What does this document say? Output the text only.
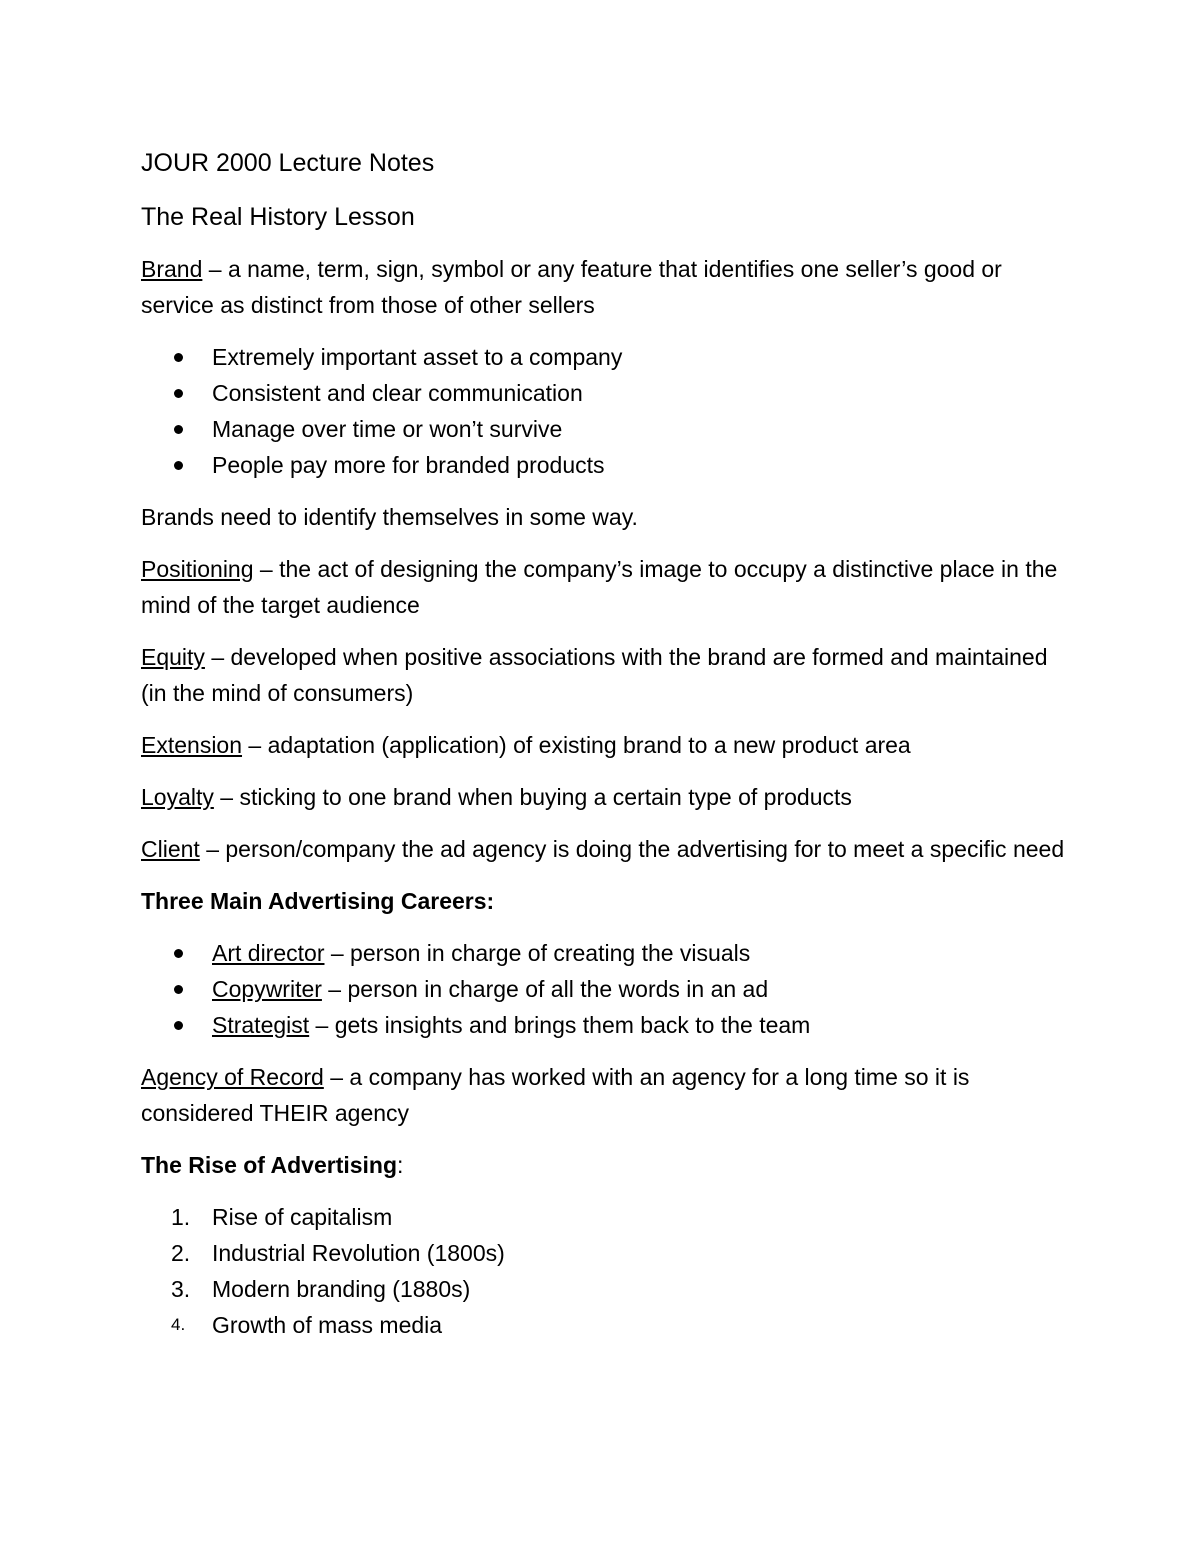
JOUR 2000 Lecture Notes
The Real History Lesson

Brand – a name, term, sign, symbol or any feature that identifies one seller’s good or service as distinct from those of other sellers

Extremely important asset to a company
Consistent and clear communication
Manage over time or won’t survive
People pay more for branded products

Brands need to identify themselves in some way.

Positioning – the act of designing the company’s image to occupy a distinctive place in the mind of the target audience

Equity – developed when positive associations with the brand are formed and maintained (in the mind of consumers)

Extension – adaptation (application) of existing brand to a new product area

Loyalty – sticking to one brand when buying a certain type of products

Client – person/company the ad agency is doing the advertising for to meet a specific need

Three Main Advertising Careers:

Art director – person in charge of creating the visuals
Copywriter – person in charge of all the words in an ad
Strategist – gets insights and brings them back to the team

Agency of Record – a company has worked with an agency for a long time so it is considered THEIR agency

The Rise of Advertising:

1. Rise of capitalism
2. Industrial Revolution (1800s)
3. Modern branding (1880s)
4.	Growth of mass media
